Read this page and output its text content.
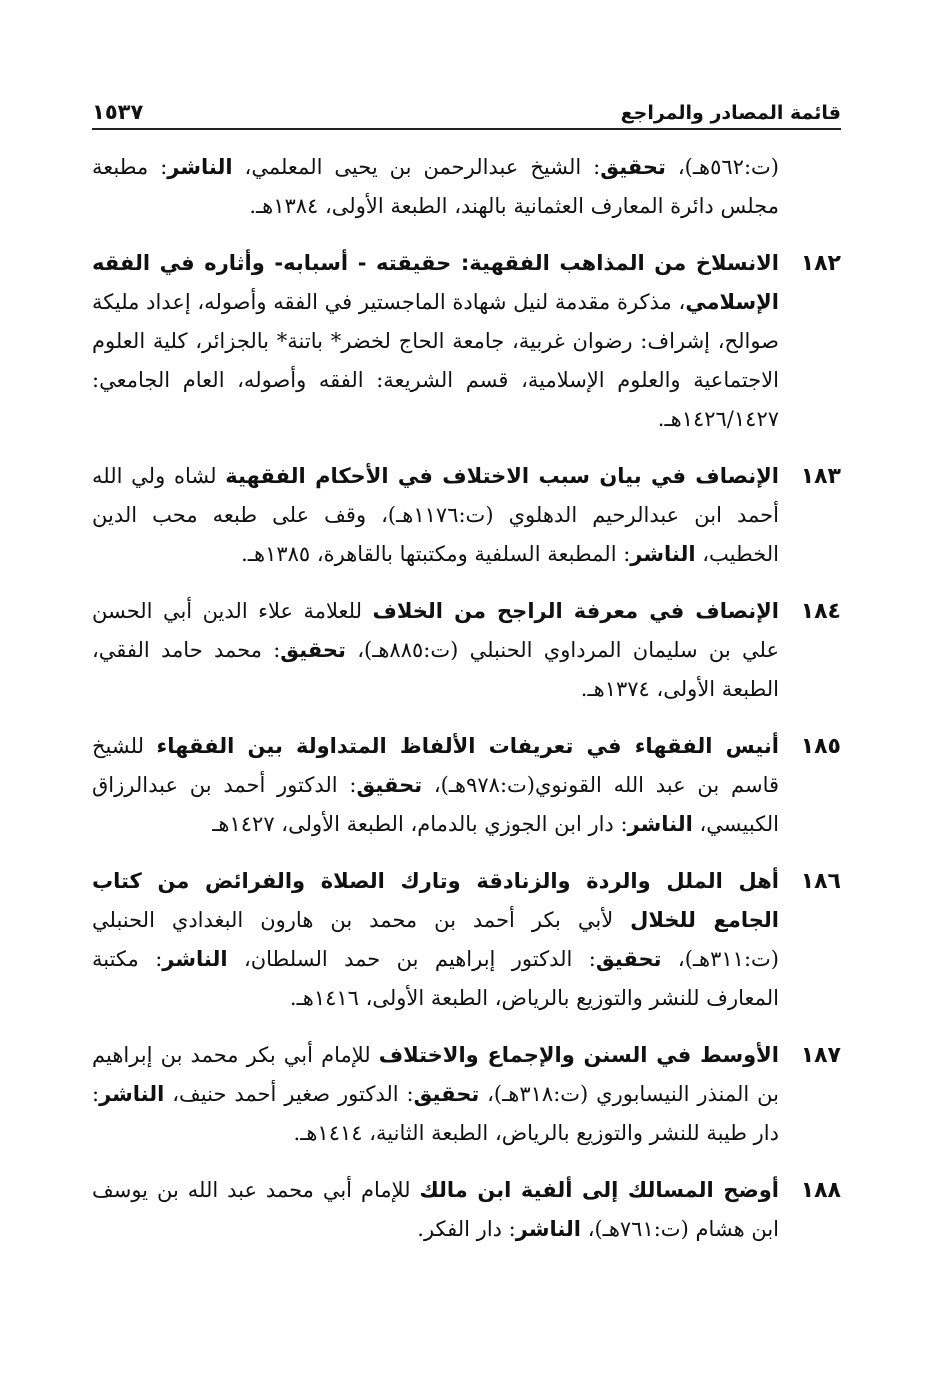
قائمة المصادر والمراجع
١٥٣٧
(ت:٥٦٢هـ)، تحقيق: الشيخ عبدالرحمن بن يحيى المعلمي، الناشر: مطبعة مجلس دائرة المعارف العثمانية بالهند، الطبعة الأولى، ١٣٨٤هـ.
١٨٢
الانسلاخ من المذاهب الفقهية: حقيقته - أسبابه- وأثاره في الفقه الإسلامي، مذكرة مقدمة لنيل شهادة الماجستير في الفقه وأصوله، إعداد مليكة صوالح، إشراف: رضوان غربية، جامعة الحاج لخضر* باتنة* بالجزائر، كلية العلوم الاجتماعية والعلوم الإسلامية، قسم الشريعة: الفقه وأصوله، العام الجامعي: ١٤٢٦/١٤٢٧هـ.
١٨٣
الإنصاف في بيان سبب الاختلاف في الأحكام الفقهية لشاه ولي الله أحمد ابن عبدالرحيم الدهلوي (ت:١١٧٦هـ)، وقف على طبعه محب الدين الخطيب، الناشر: المطبعة السلفية ومكتبتها بالقاهرة، ١٣٨٥هـ.
١٨٤
الإنصاف في معرفة الراجح من الخلاف للعلامة علاء الدين أبي الحسن علي بن سليمان المرداوي الحنبلي (ت:٨٨٥هـ)، تحقيق: محمد حامد الفقي، الطبعة الأولى، ١٣٧٤هـ.
١٨٥
أنيس الفقهاء في تعريفات الألفاظ المتداولة بين الفقهاء للشيخ قاسم بن عبد الله القونوي(ت:٩٧٨هـ)، تحقيق: الدكتور أحمد بن عبدالرزاق الكبيسي، الناشر: دار ابن الجوزي بالدمام، الطبعة الأولى، ١٤٢٧هـ
١٨٦
أهل الملل والردة والزنادقة وتارك الصلاة والفرائض من كتاب الجامع للخلال لأبي بكر أحمد بن محمد بن هارون البغدادي الحنبلي (ت:٣١١هـ)، تحقيق: الدكتور إبراهيم بن حمد السلطان، الناشر: مكتبة المعارف للنشر والتوزيع بالرياض، الطبعة الأولى، ١٤١٦هـ.
١٨٧
الأوسط في السنن والإجماع والاختلاف للإمام أبي بكر محمد بن إبراهيم بن المنذر النيسابوري (ت:٣١٨هـ)، تحقيق: الدكتور صغير أحمد حنيف، الناشر: دار طيبة للنشر والتوزيع بالرياض، الطبعة الثانية، ١٤١٤هـ.
١٨٨
أوضح المسالك إلى ألفية ابن مالك للإمام أبي محمد عبد الله بن يوسف ابن هشام (ت:٧٦١هـ)، الناشر: دار الفكر.
